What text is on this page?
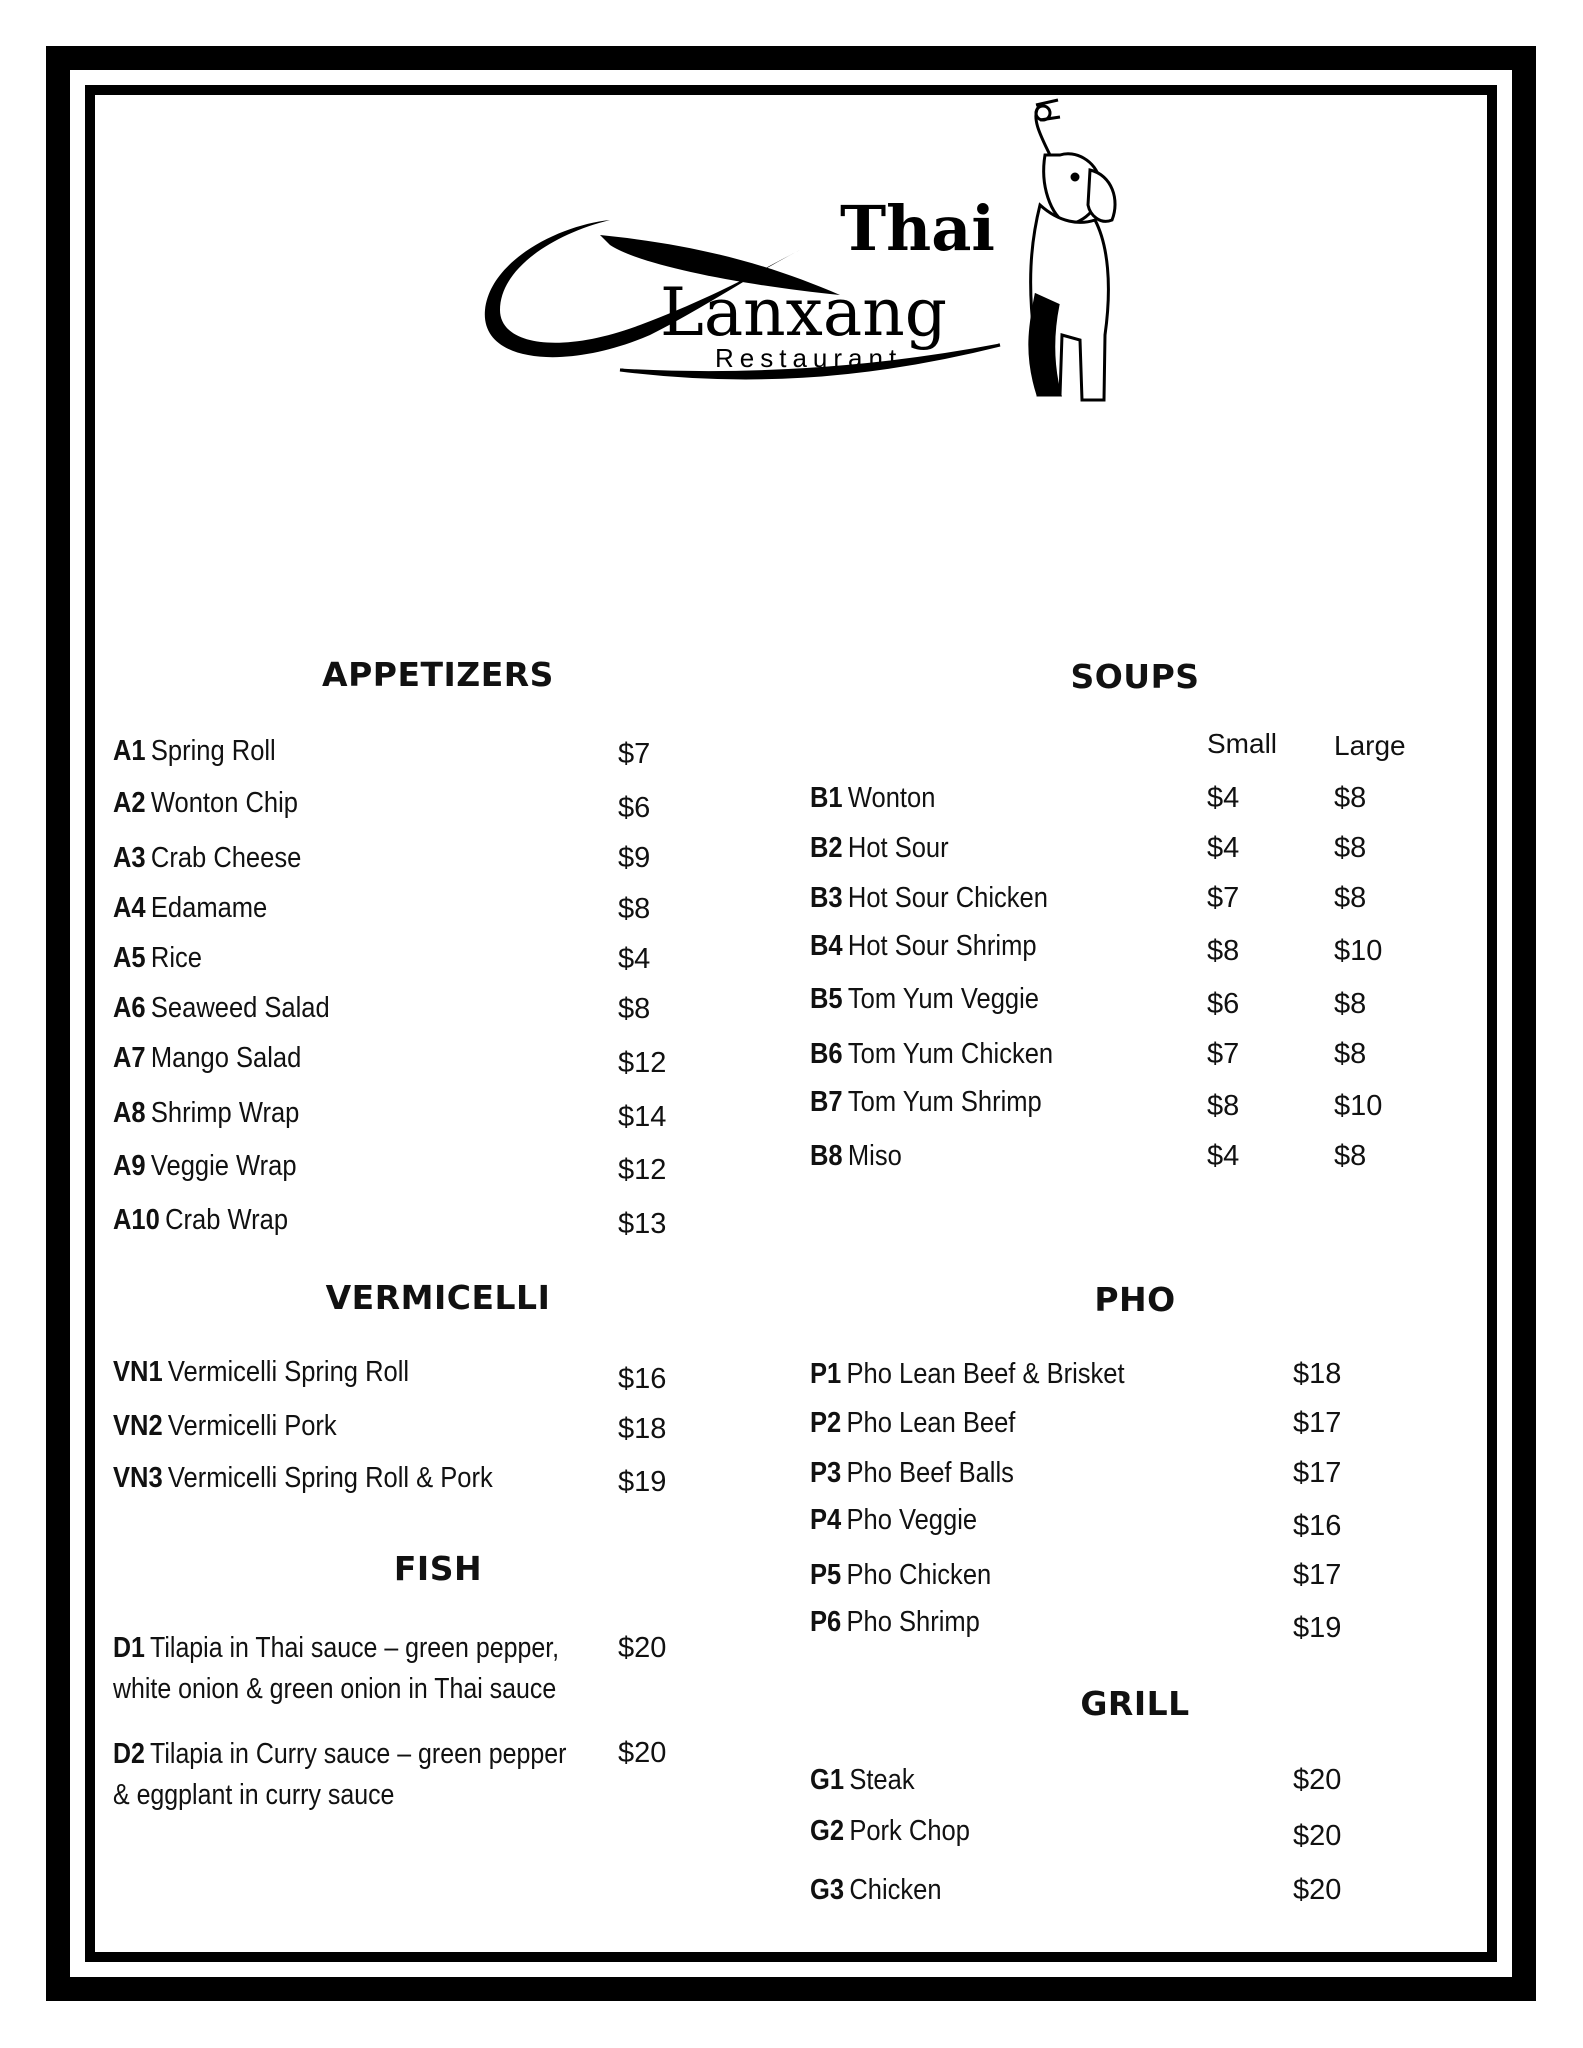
Thai
Lanxang
Restaurant
APPETIZERS
A1 Spring Roll	$7
A2 Wonton Chip	$6
A3 Crab Cheese	$9
A4 Edamame	$8
A5 Rice	$4
A6 Seaweed Salad	$8
A7 Mango Salad	$12
A8 Shrimp Wrap	$14
A9 Veggie Wrap	$12
A10 Crab Wrap	$13
VERMICELLI
VN1 Vermicelli Spring Roll	$16
VN2 Vermicelli Pork	$18
VN3 Vermicelli Spring Roll & Pork	$19
FISH
D1 Tilapia in Thai sauce – green pepper,
white onion & green onion in Thai sauce
$20
D2 Tilapia in Curry sauce – green pepper
& eggplant in curry sauce
$20
SOUPS
Small Large
B1 Wonton	$4	$8
B2 Hot Sour	$4	$8
B3 Hot Sour Chicken	$7	$8
B4 Hot Sour Shrimp	$8	$10
B5 Tom Yum Veggie	$6	$8
B6 Tom Yum Chicken	$7	$8
B7 Tom Yum Shrimp	$8	$10
B8 Miso	$4	$8
PHO
P1 Pho Lean Beef & Brisket	$18
P2 Pho Lean Beef	$17
P3 Pho Beef Balls	$17
P4 Pho Veggie	$16
P5 Pho Chicken	$17
P6 Pho Shrimp	$19
GRILL
G1 Steak	$20
G2 Pork Chop	$20
G3 Chicken	$20
